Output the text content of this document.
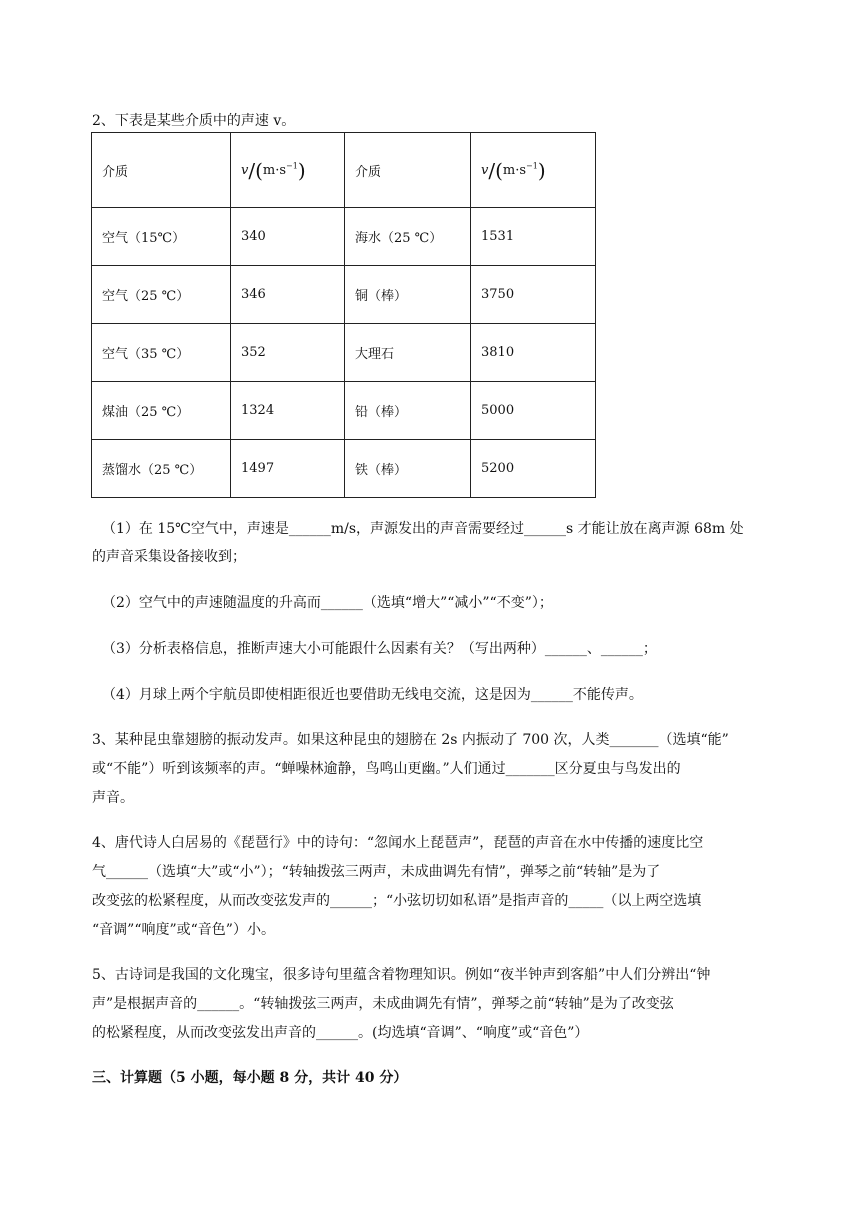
2、下表是某些介质中的声速 v。
介质	$v/(m\cdot s^{-1})$	介质	$v/(m\cdot s^{-1})$
空气（15℃）	340	海水（25 ℃）	1531
空气（25 ℃）	346	铜（棒）	3750
空气（35 ℃）	352	大理石	3810
煤油（25 ℃）	1324	铅（棒）	5000
蒸馏水（25 ℃）	1497	铁（棒）	5200
（1）在 15℃空气中，声速是______m/s，声源发出的声音需要经过______s 才能让放在离声源 68m 处
的声音采集设备接收到；
（2）空气中的声速随温度的升高而______（选填“增大”“减小”“不变”）；
（3）分析表格信息，推断声速大小可能跟什么因素有关？（写出两种）______、______；
（4）月球上两个宇航员即使相距很近也要借助无线电交流，这是因为______不能传声。
3、某种昆虫靠翅膀的振动发声。如果这种昆虫的翅膀在 2s 内振动了 700 次，人类_______（选填“能”
或“不能”）听到该频率的声。“蝉噪林逾静，鸟鸣山更幽。”人们通过_______区分夏虫与鸟发出的
声音。
4、唐代诗人白居易的《琵琶行》中的诗句：“忽闻水上琵琶声”，琵琶的声音在水中传播的速度比空
气______（选填“大”或“小”）；“转轴拨弦三两声，未成曲调先有情”，弹琴之前“转轴”是为了
改变弦的松紧程度，从而改变弦发声的______；“小弦切切如私语”是指声音的_____（以上两空选填
“音调”“响度”或“音色”）小。
5、古诗词是我国的文化瑰宝，很多诗句里蕴含着物理知识。例如“夜半钟声到客船”中人们分辨出“钟
声”是根据声音的______。“转轴拨弦三两声，未成曲调先有情”，弹琴之前“转轴”是为了改变弦
的松紧程度，从而改变弦发出声音的______。(均选填“音调”、“响度”或“音色”）
三、计算题（5 小题，每小题 8 分，共计 40 分）
